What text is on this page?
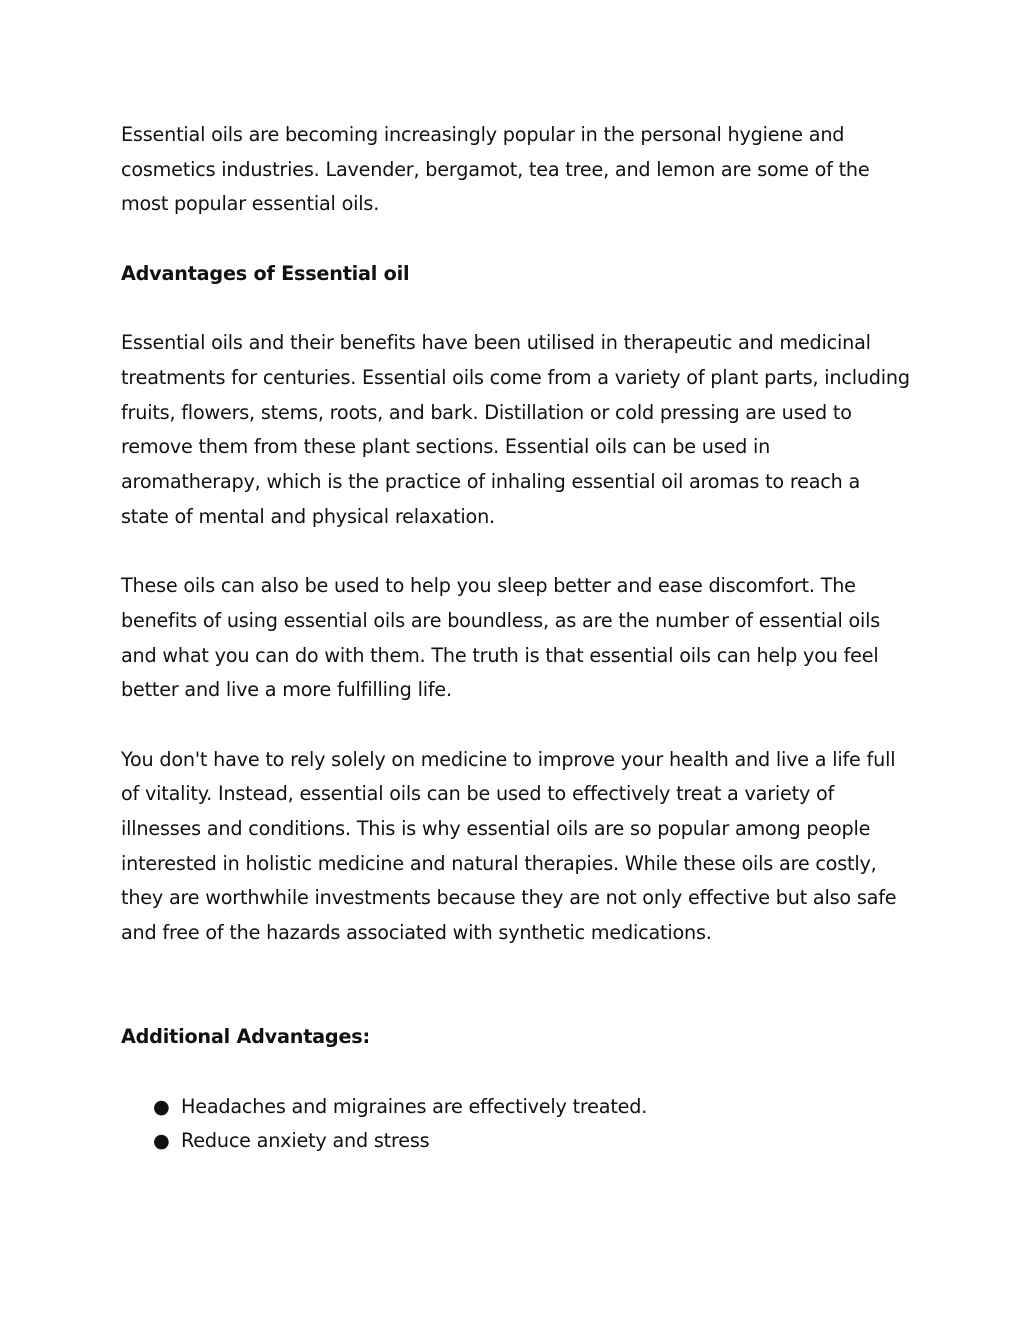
Essential oils are becoming increasingly popular in the personal hygiene and cosmetics industries. Lavender, bergamot, tea tree, and lemon are some of the most popular essential oils.

Advantages of Essential oil

Essential oils and their benefits have been utilised in therapeutic and medicinal treatments for centuries. Essential oils come from a variety of plant parts, including fruits, flowers, stems, roots, and bark. Distillation or cold pressing are used to remove them from these plant sections. Essential oils can be used in aromatherapy, which is the practice of inhaling essential oil aromas to reach a state of mental and physical relaxation.

These oils can also be used to help you sleep better and ease discomfort. The benefits of using essential oils are boundless, as are the number of essential oils and what you can do with them. The truth is that essential oils can help you feel better and live a more fulfilling life.

You don't have to rely solely on medicine to improve your health and live a life full of vitality. Instead, essential oils can be used to effectively treat a variety of illnesses and conditions. This is why essential oils are so popular among people interested in holistic medicine and natural therapies. While these oils are costly, they are worthwhile investments because they are not only effective but also safe and free of the hazards associated with synthetic medications.

Additional Advantages:

● Headaches and migraines are effectively treated.
● Reduce anxiety and stress
